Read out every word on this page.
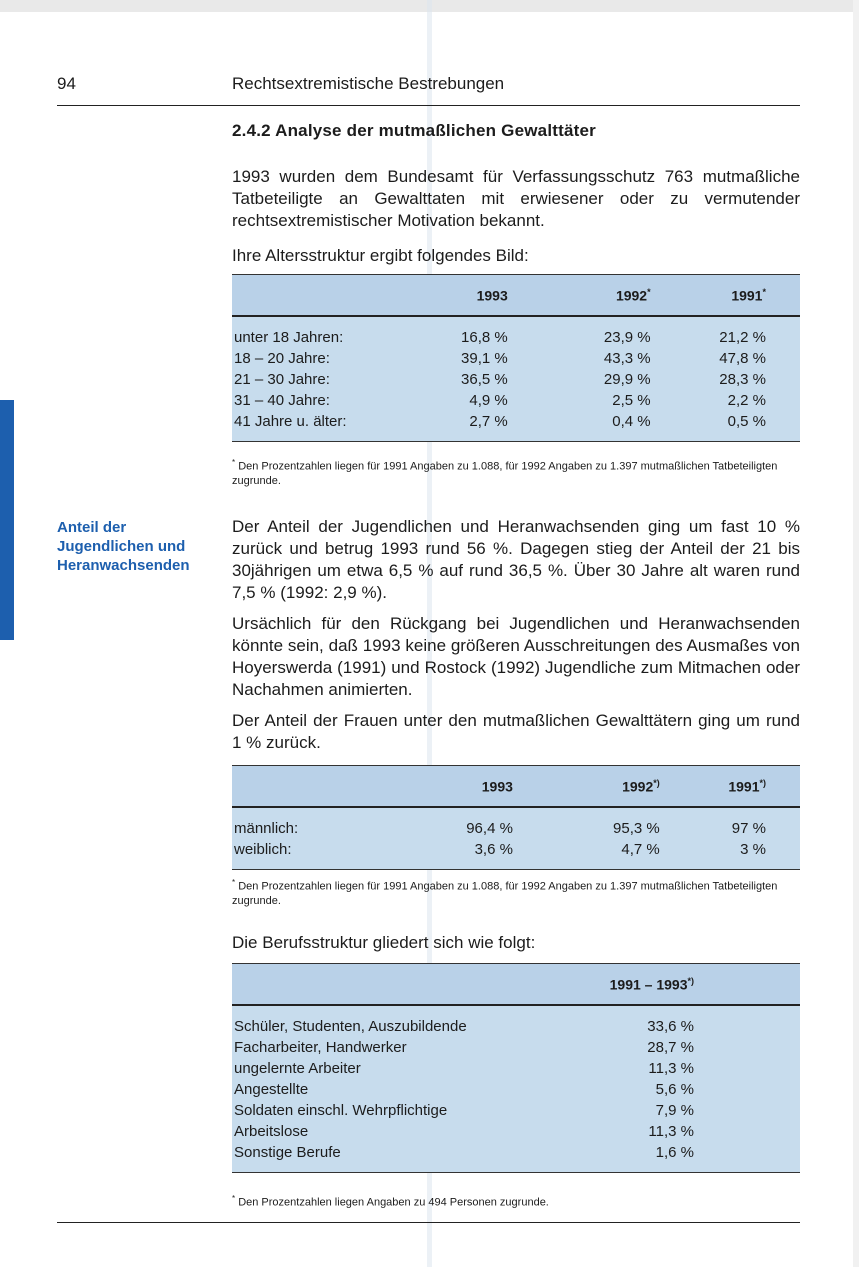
94	Rechtsextremistische Bestrebungen
2.4.2 Analyse der mutmaßlichen Gewalttäter

1993 wurden dem Bundesamt für Verfassungsschutz 763 mutmaßliche Tatbeteiligte an Gewalttaten mit erwiesener oder zu vermutender rechtsextremistischer Motivation bekannt.

Ihre Altersstruktur ergibt folgendes Bild:

	1993	1992*	1991*
unter 18 Jahren:	16,8 %	23,9 %	21,2 %
18 – 20 Jahre:	39,1 %	43,3 %	47,8 %
21 – 30 Jahre:	36,5 %	29,9 %	28,3 %
31 – 40 Jahre:	4,9 %	2,5 %	2,2 %
41 Jahre u. älter:	2,7 %	0,4 %	0,5 %

* Den Prozentzahlen liegen für 1991 Angaben zu 1.088, für 1992 Angaben zu 1.397 mutmaßlichen Tatbeteiligten zugrunde.

Anteil der
Jugendlichen und
Heranwachsenden

Der Anteil der Jugendlichen und Heranwachsenden ging um fast 10 % zurück und betrug 1993 rund 56 %. Dagegen stieg der Anteil der 21 bis 30jährigen um etwa 6,5 % auf rund 36,5 %. Über 30 Jahre alt waren rund 7,5 % (1992: 2,9 %).

Ursächlich für den Rückgang bei Jugendlichen und Heranwachsenden könnte sein, daß 1993 keine größeren Ausschreitungen des Ausmaßes von Hoyerswerda (1991) und Rostock (1992) Jugendliche zum Mitmachen oder Nachahmen animierten.

Der Anteil der Frauen unter den mutmaßlichen Gewalttätern ging um rund 1 % zurück.

	1993	1992*)	1991*)
männlich:	96,4 %	95,3 %	97 %
weiblich:	3,6 %	4,7 %	3 %

* Den Prozentzahlen liegen für 1991 Angaben zu 1.088, für 1992 Angaben zu 1.397 mutmaßlichen Tatbeteiligten zugrunde.

Die Berufsstruktur gliedert sich wie folgt:

	1991 – 1993*)
Schüler, Studenten, Auszubildende	33,6 %
Facharbeiter, Handwerker	28,7 %
ungelernte Arbeiter	11,3 %
Angestellte	5,6 %
Soldaten einschl. Wehrpflichtige	7,9 %
Arbeitslose	11,3 %
Sonstige Berufe	1,6 %

* Den Prozentzahlen liegen Angaben zu 494 Personen zugrunde.
